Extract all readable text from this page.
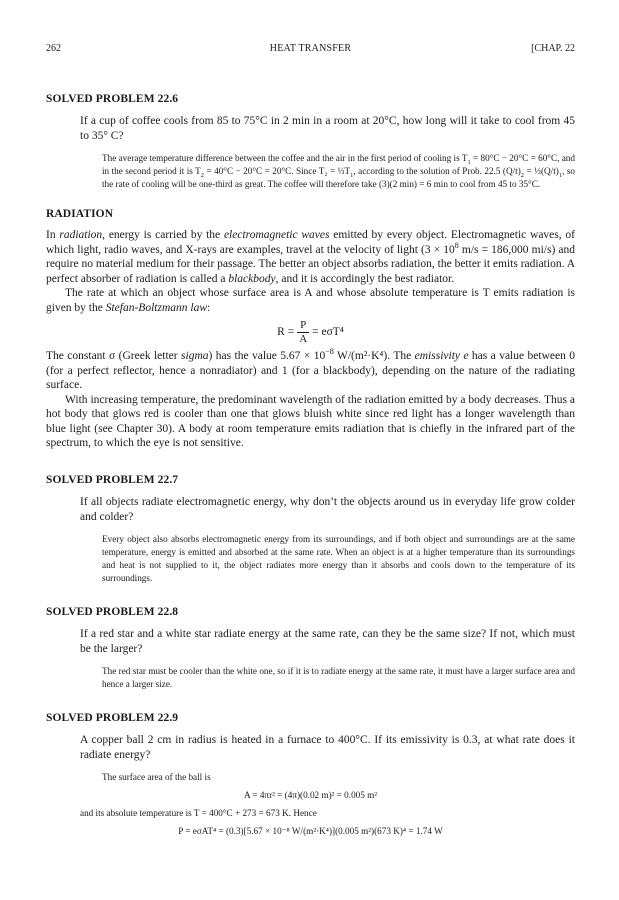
262	HEAT TRANSFER	[CHAP. 22
SOLVED PROBLEM 22.6

If a cup of coffee cools from 85 to 75°C in 2 min in a room at 20°C, how long will it take to cool from 45 to 35° C?

The average temperature difference between the coffee and the air in the first period of cooling is $T_1 = 80^\circ C - 20^\circ C = 60^\circ C$, and in the second period it is $T_2 = 40^\circ C - 20^\circ C = 20^\circ C$. Since $T_2 = \frac{1}{3}T_1$, according to the solution of Prob. 22.5 $(Q/t)_2$ = $\frac{1}{3}(Q/t)_1$, so the rate of cooling will be one-third as great. The coffee will therefore take (3)(2 min) = 6 min to cool from 45 to 35°C.

RADIATION

In radiation, energy is carried by the electromagnetic waves emitted by every object. Electromagnetic waves, of which light, radio waves, and X-rays are examples, travel at the velocity of light ($3 \times 10^8$ m/s = 186,000 mi/s) and require no material medium for their passage. The better an object absorbs radiation, the better it emits radiation. A perfect absorber of radiation is called a blackbody, and it is accordingly the best radiator.

The rate at which an object whose surface area is A and whose absolute temperature is T emits radiation is given by the Stefan-Boltzmann law:

$R = \frac{P}{A} = e\sigma T^4$

The constant σ (Greek letter sigma) has the value $5.67 \times 10^{-8}$ W/(m²·K⁴). The emissivity e has a value between 0 (for a perfect reflector, hence a nonradiator) and 1 (for a blackbody), depending on the nature of the radiating surface.

With increasing temperature, the predominant wavelength of the radiation emitted by a body decreases. Thus a hot body that glows red is cooler than one that glows bluish white since red light has a longer wavelength than blue light (see Chapter 30). A body at room temperature emits radiation that is chiefly in the infrared part of the spectrum, to which the eye is not sensitive.

SOLVED PROBLEM 22.7

If all objects radiate electromagnetic energy, why don’t the objects around us in everyday life grow colder and colder?

Every object also absorbs electromagnetic energy from its surroundings, and if both object and surroundings are at the same temperature, energy is emitted and absorbed at the same rate. When an object is at a higher temperature than its surroundings and heat is not supplied to it, the object radiates more energy than it absorbs and cools down to the temperature of its surroundings.

SOLVED PROBLEM 22.8

If a red star and a white star radiate energy at the same rate, can they be the same size? If not, which must be the larger?

The red star must be cooler than the white one, so if it is to radiate energy at the same rate, it must have a larger surface area and hence a larger size.

SOLVED PROBLEM 22.9

A copper ball 2 cm in radius is heated in a furnace to 400°C. If its emissivity is 0.3, at what rate does it radiate energy?

The surface area of the ball is

A = 4πr² = (4π)(0.02 m)² = 0.005 m²

and its absolute temperature is T = 400°C + 273 = 673 K. Hence

P = eσAT⁴ = (0.3)[5.67 × 10⁻⁸ W/(m²·K⁴)](0.005 m²)(673 K)⁴ = 1.74 W
